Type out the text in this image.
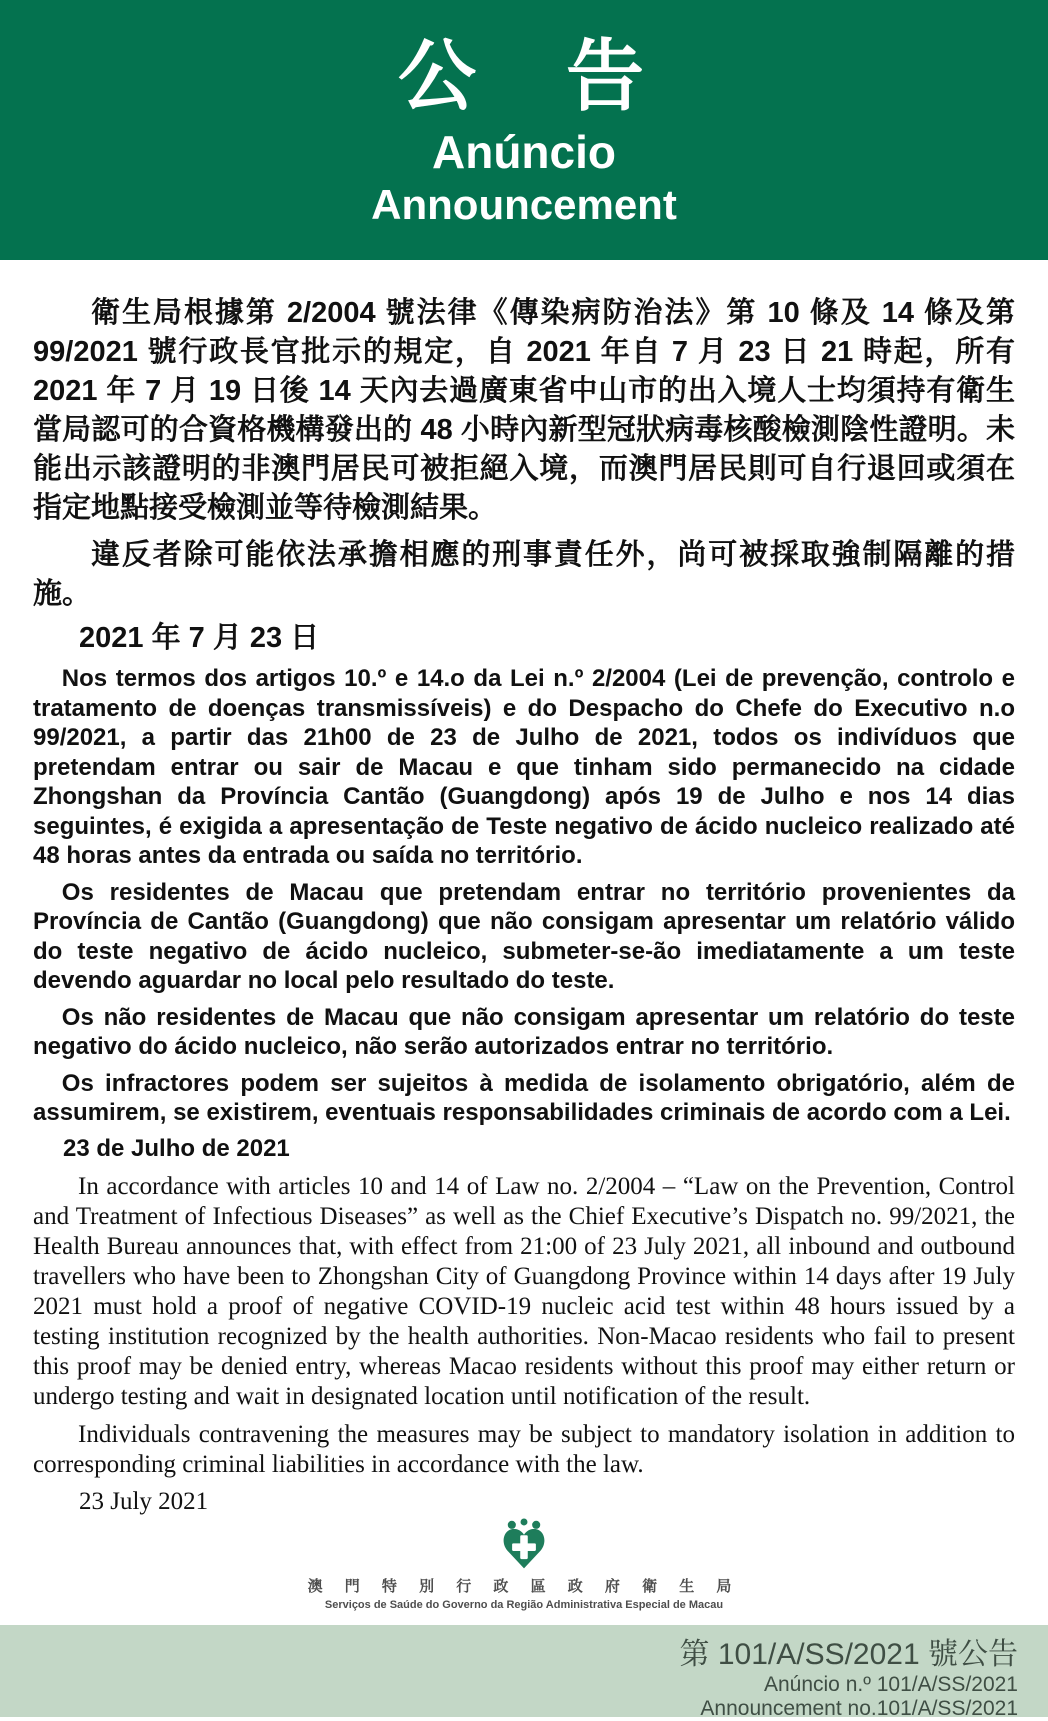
公　告
Anúncio
Announcement

衛生局根據第 2/2004 號法律《傳染病防治法》第 10 條及 14 條及第 99/2021 號行政長官批示的規定，自 2021 年自 7 月 23 日 21 時起，所有 2021 年 7 月 19 日後 14 天內去過廣東省中山市的出入境人士均須持有衛生當局認可的合資格機構發出的 48 小時內新型冠狀病毒核酸檢測陰性證明。未能出示該證明的非澳門居民可被拒絕入境，而澳門居民則可自行退回或須在指定地點接受檢測並等待檢測結果。

違反者除可能依法承擔相應的刑事責任外，尚可被採取強制隔離的措施。

2021 年 7 月 23 日

Nos termos dos artigos 10.º e 14.o da Lei n.º 2/2004 (Lei de prevenção, controlo e tratamento de doenças transmissíveis) e do Despacho do Chefe do Executivo n.o 99/2021, a partir das 21h00 de 23 de Julho de 2021, todos os indivíduos que pretendam entrar ou sair de Macau e que tinham sido permanecido na cidade Zhongshan da Província Cantão (Guangdong) após 19 de Julho e nos 14 dias seguintes, é exigida a apresentação de Teste negativo de ácido nucleico realizado até 48 horas antes da entrada ou saída no território.

Os residentes de Macau que pretendam entrar no território provenientes da Província de Cantão (Guangdong) que não consigam apresentar um relatório válido do teste negativo de ácido nucleico, submeter-se-ão imediatamente a um teste devendo aguardar no local pelo resultado do teste.

Os não residentes de Macau que não consigam apresentar um relatório do teste negativo do ácido nucleico, não serão autorizados entrar no território.

Os infractores podem ser sujeitos à medida de isolamento obrigatório, além de assumirem, se existirem, eventuais responsabilidades criminais de acordo com a Lei.

23 de Julho de 2021

In accordance with articles 10 and 14 of Law no. 2/2004 – “Law on the Prevention, Control and Treatment of Infectious Diseases” as well as the Chief Executive’s Dispatch no. 99/2021, the Health Bureau announces that, with effect from 21:00 of 23 July 2021, all inbound and outbound travellers who have been to Zhongshan City of Guangdong Province within 14 days after 19 July 2021 must hold a proof of negative COVID-19 nucleic acid test within 48 hours issued by a testing institution recognized by the health authorities. Non-Macao residents who fail to present this proof may be denied entry, whereas Macao residents without this proof may either return or undergo testing and wait in designated location until notification of the result.

Individuals contravening the measures may be subject to mandatory isolation in addition to corresponding criminal liabilities in accordance with the law.

23 July 2021
澳 門 特 別 行 政 區 政 府 衛 生 局
Serviços de Saúde do Governo da Região Administrativa Especial de Macau
第 101/A/SS/2021 號公告
Anúncio n.º 101/A/SS/2021
Announcement no.101/A/SS/2021
